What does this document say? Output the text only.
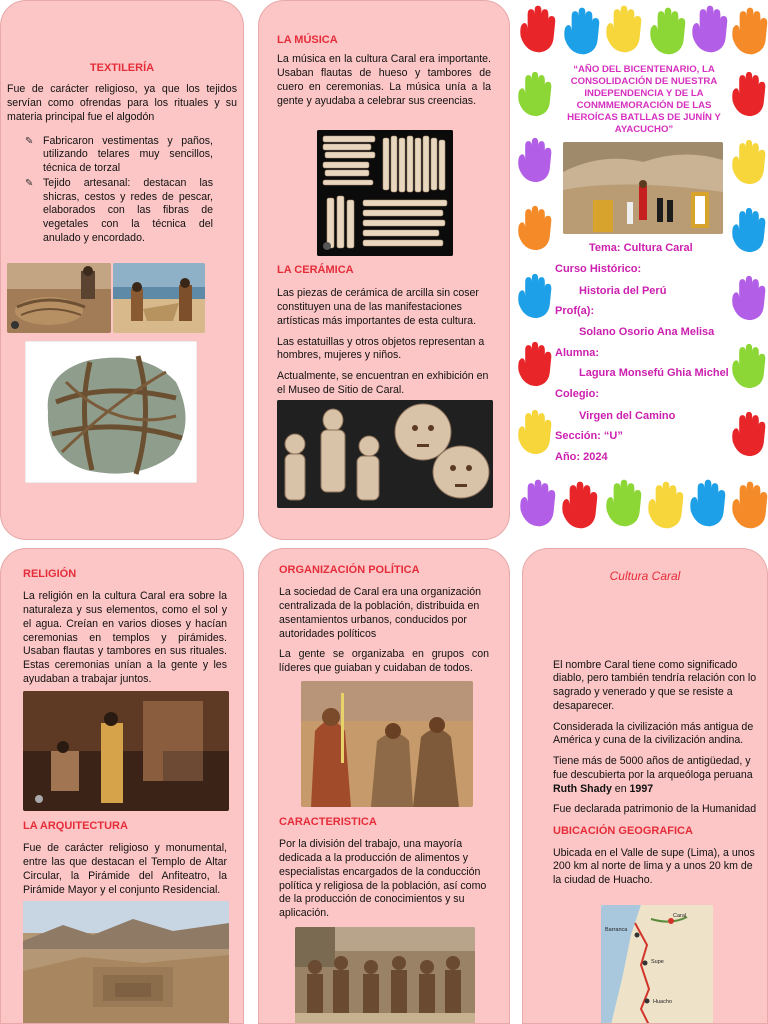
TEXTILERÍA

Fue de carácter religioso, ya que los tejidos servían como ofrendas para los rituales y su materia principal fue el algodón

✎ Fabricaron vestimentas y paños, utilizando telares muy sencillos, técnica de torzal
✎ Tejido artesanal: destacan las shicras, cestos y redes de pescar, elaborados con las fibras de vegetales con la técnica del anulado y encordado.
LA MÚSICA

La música en la cultura Caral era importante. Usaban flautas de hueso y tambores de cuero en ceremonias. La música unía a la gente y ayudaba a celebrar sus creencias.

LA CERÁMICA

Las piezas de cerámica de arcilla sin coser constituyen una de las manifestaciones artísticas más importantes de esta cultura.

Las estatuillas y otros objetos representan a hombres, mujeres y niños.

Actualmente, se encuentran en exhibición en el Museo de Sitio de Caral.

“AÑO DEL BICENTENARIO, LA CONSOLIDACIÓN DE NUESTRA INDEPENDENCIA Y DE LA CONMMEMORACIÓN DE LAS HEROÍCAS BATLLAS DE JUNÍN Y AYACUCHO”
shime.
Tema: Cultura Caral
Curso Histórico:
Historia del Perú
Prof(a):
Solano Osorio Ana Melisa
Alumna:
Lagura Monsefú Ghia Michel
Colegio:
Virgen del Camino
Sección: “U”
Año: 2024
RELIGIÓN

La religión en la cultura Caral era sobre la naturaleza y sus elementos, como el sol y el agua. Creían en varios dioses y hacían ceremonias en templos y pirámides. Usaban flautas y tambores en sus rituales. Estas ceremonias unían a la gente y les ayudaban a trabajar juntos.

LA ARQUITECTURA

Fue de carácter religioso y monumental, entre las que destacan el Templo de Altar Circular, la Pirámide del Anfiteatro, la Pirámide Mayor y el conjunto Residencial.

ORGANIZACIÓN POLÍTICA

La sociedad de Caral era una organización centralizada de la población, distribuida en asentamientos urbanos, conducidos por autoridades políticos

La gente se organizaba en grupos con líderes que guiaban y cuidaban de todos.

CARACTERISTICA

Por la división del trabajo, una mayoría dedicada a la producción de alimentos y especialistas encargados de la conducción política y religiosa de la población, así como de la producción de conocimientos y su aplicación.

Cultura Caral

El nombre Caral tiene como significado diablo, pero también tendría relación con lo sagrado y venerado y que se resiste a desaparecer.

Considerada la civilización más antigua de América y cuna de la civilización andina.

Tiene más de 5000 años de antigüedad, y fue descubierta por la arqueóloga peruana Ruth Shady en 1997

Fue declarada patrimonio de la Humanidad

UBICACIÓN GEOGRAFICA

Ubicada en el Valle de supe (Lima), a unos 200 km al norte de lima y a unos 20 km de la ciudad de Huacho.

Caral
Barranca
Supe
Huacho
